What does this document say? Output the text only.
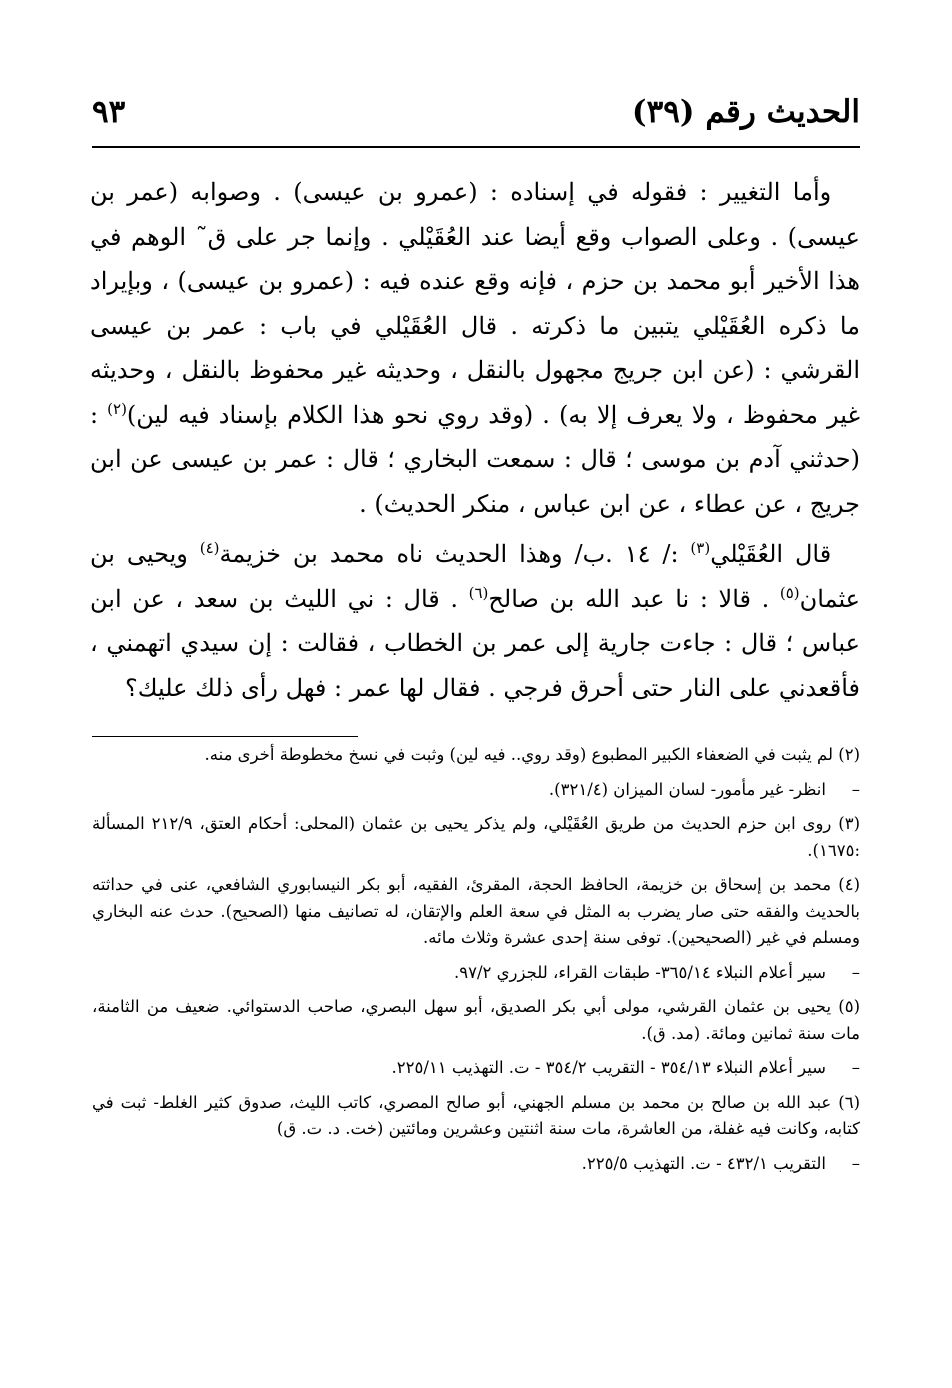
الحديث رقم (٣٩)
٩٣

وأما التغيير : فقوله في إسناده : (عمرو بن عيسى) . وصوابه (عمر بن عيسى) . وعلى الصواب وقع أيضا عند العُقَيْلي . وإنما جر على ق˜ الوهم في هذا الأخير أبو محمد بن حزم ، فإنه وقع عنده فيه : (عمرو بن عيسى) ، وبإيراد ما ذكره العُقَيْلي يتبين ما ذكرته . قال العُقَيْلي في باب : عمر بن عيسى القرشي : (عن ابن جريج مجهول بالنقل ، وحديثه غير محفوظ بالنقل ، وحديثه غير محفوظ ، ولا يعرف إلا به) . (وقد روي نحو هذا الكلام بإسناد فيه لين)$^{(٢)}$ : (حدثني آدم بن موسى ؛ قال : سمعت البخاري ؛ قال : عمر بن عيسى عن ابن جريج ، عن عطاء ، عن ابن عباس ، منكر الحديث) .

قال العُقَيْلي$^{(٣)}$ :/ ١٤ .ب/ وهذا الحديث ناه محمد بن خزيمة$^{(٤)}$ ويحيى بن عثمان$^{(٥)}$ . قالا : نا عبد الله بن صالح$^{(٦)}$ . قال : ني الليث بن سعد ، عن ابن عباس ؛ قال : جاءت جارية إلى عمر بن الخطاب ، فقالت : إن سيدي اتهمني ، فأقعدني على النار حتى أحرق فرجي . فقال لها عمر : فهل رأى ذلك عليك؟

(٢) لم يثبت في الضعفاء الكبير المطبوع (وقد روي.. فيه لين) وثبت في نسخ مخطوطة أخرى منه.
–انظر- غير مأمور- لسان الميزان (٣٢١/٤).
(٣) روى ابن حزم الحديث من طريق العُقَيْلي، ولم يذكر يحيى بن عثمان (المحلى: أحكام العتق، ٢١٢/٩ المسألة :١٦٧٥).
(٤) محمد بن إسحاق بن خزيمة، الحافظ الحجة، المقرئ، الفقيه، أبو بكر النيسابوري الشافعي، عنى في حداثته بالحديث والفقه حتى صار يضرب به المثل في سعة العلم والإتقان، له تصانيف منها (الصحيح). حدث عنه البخاري ومسلم في غير (الصحيحين). توفى سنة إحدى عشرة وثلاث مائه.
–سير أعلام النبلاء ٣٦٥/١٤- طبقات القراء، للجزري ٩٧/٢.
(٥) يحيى بن عثمان القرشي، مولى أبي بكر الصديق، أبو سهل البصري، صاحب الدستوائي. ضعيف من الثامنة، مات سنة ثمانين ومائة. (مد. ق).
–سير أعلام النبلاء ٣٥٤/١٣ - التقريب ٣٥٤/٢ - ت. التهذيب ٢٢٥/١١.
(٦) عبد الله بن صالح بن محمد بن مسلم الجهني، أبو صالح المصري، كاتب الليث، صدوق كثير الغلط- ثبت في كتابه، وكانت فيه غفلة، من العاشرة، مات سنة اثنتين وعشرين ومائتين (خت. د. ت. ق)
–التقريب ٤٣٢/١ - ت. التهذيب ٢٢٥/٥.
